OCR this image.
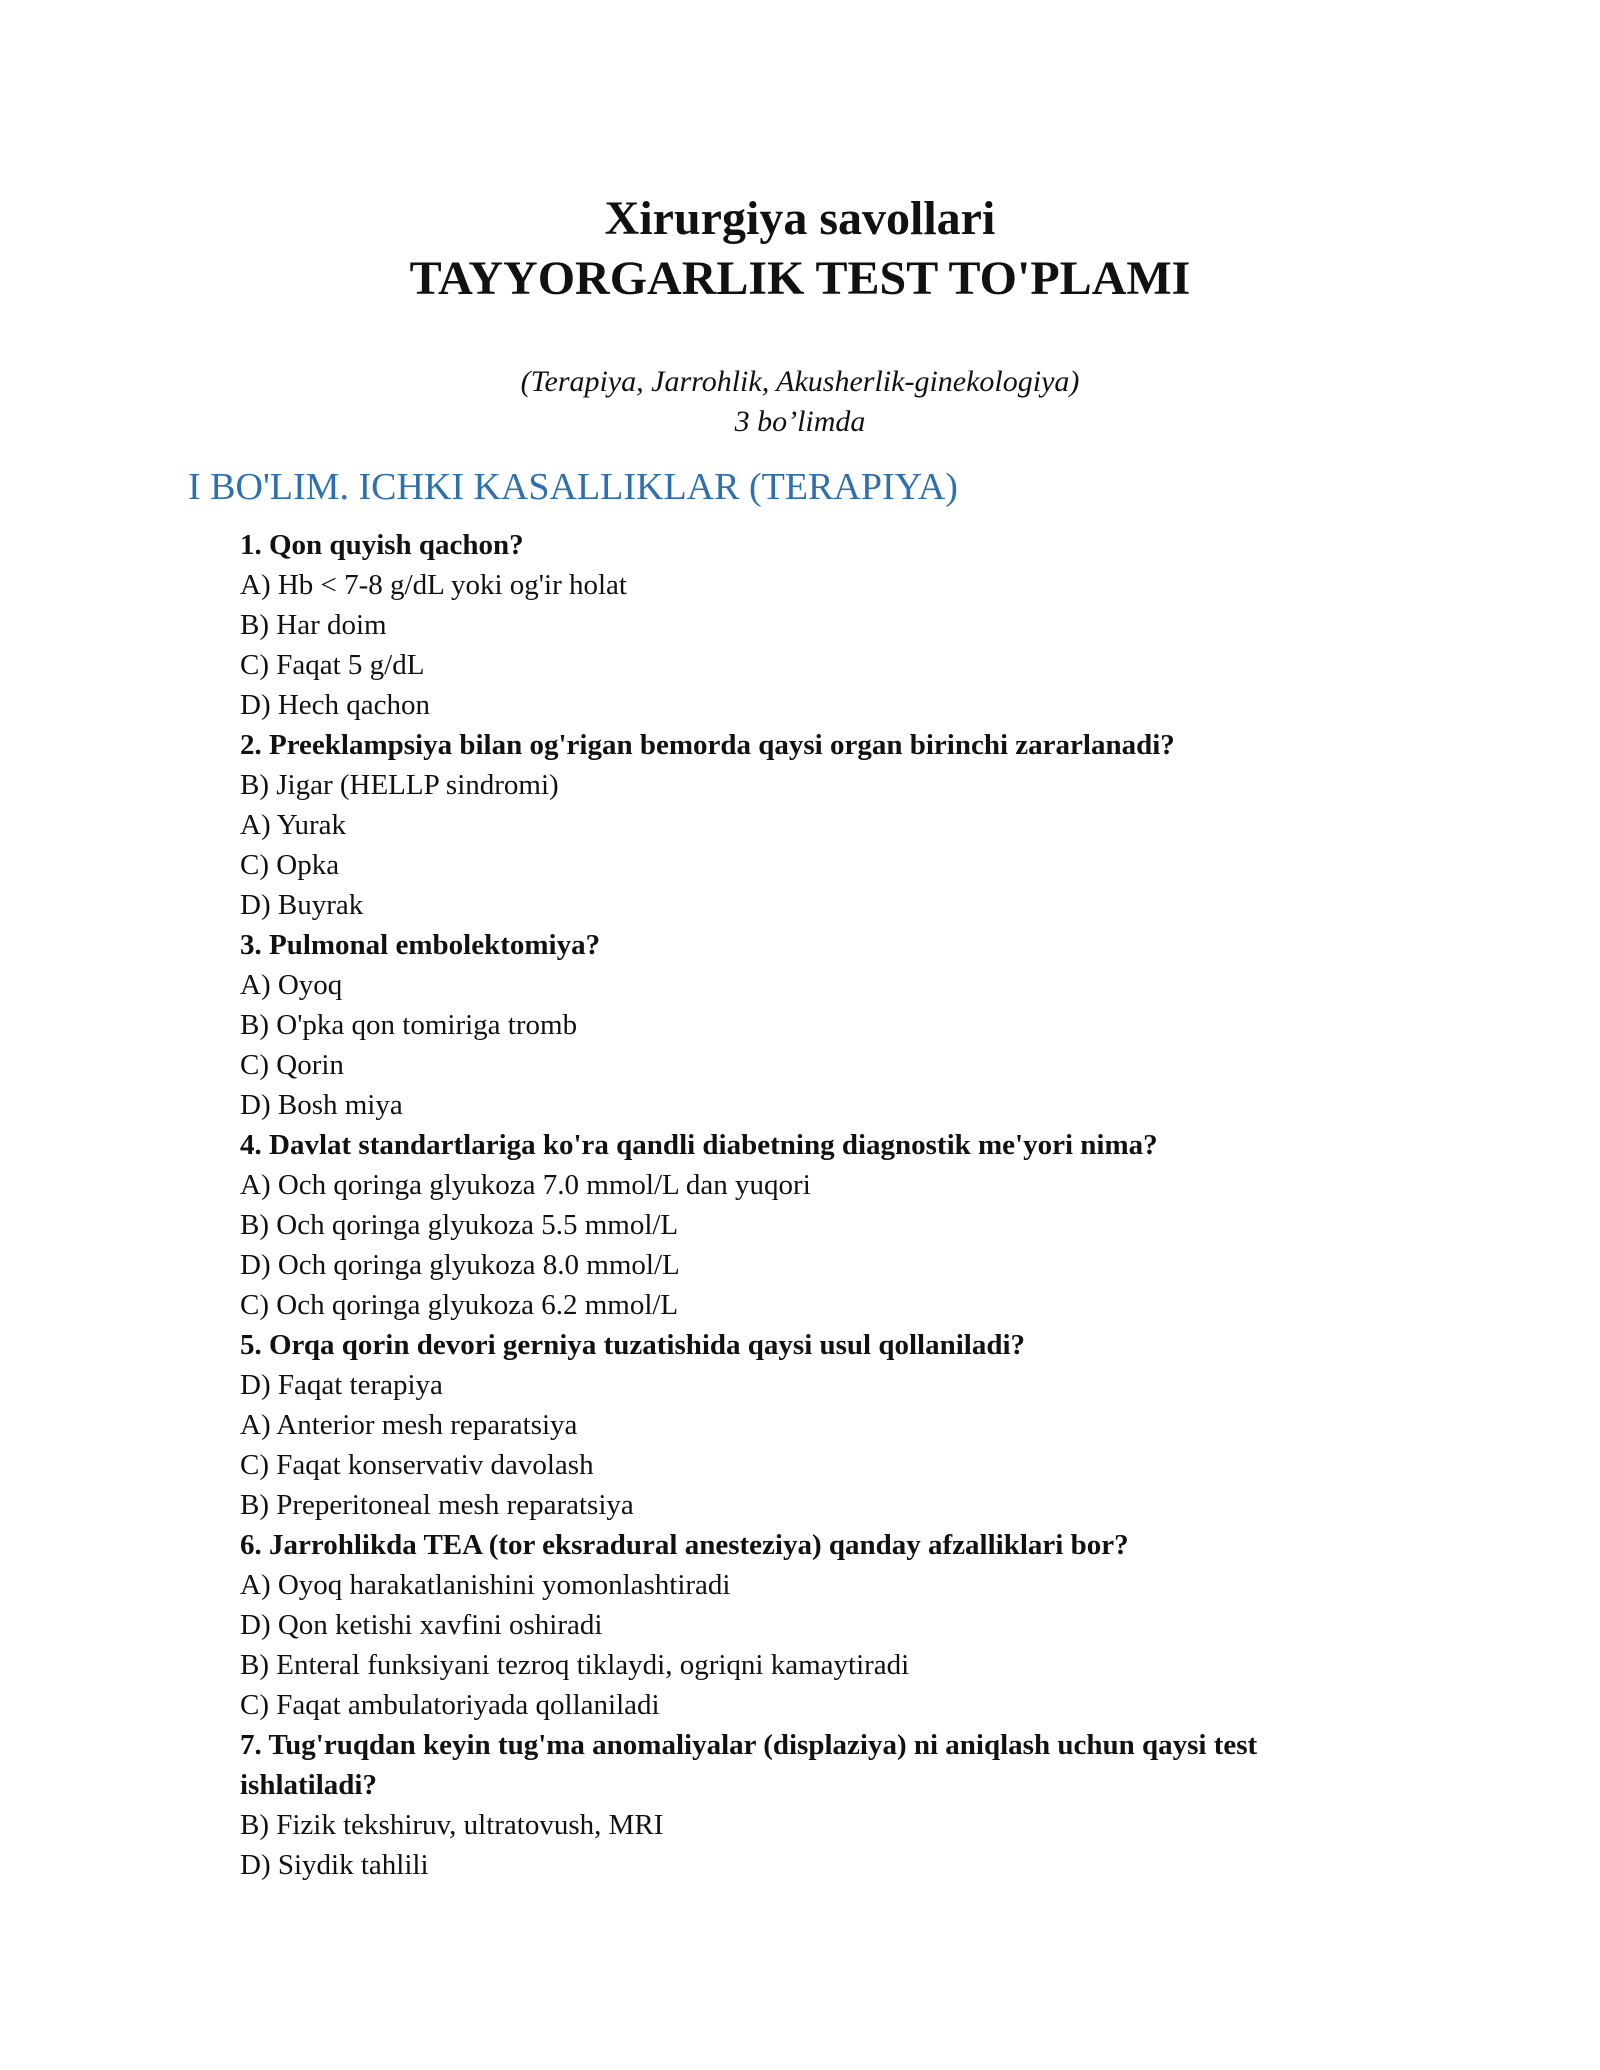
Xirurgiya savollari
TAYYORGARLIK TEST TO'PLAMI
(Terapiya, Jarrohlik, Akusherlik-ginekologiya)
3 bo’limda
I BO'LIM. ICHKI KASALLIKLAR (TERAPIYA)
1. Qon quyish qachon?
A) Hb < 7-8 g/dL yoki og'ir holat
B) Har doim
C) Faqat 5 g/dL
D) Hech qachon
2. Preeklampsiya bilan og'rigan bemorda qaysi organ birinchi zararlanadi?
B) Jigar (HELLP sindromi)
A) Yurak
C) Opka
D) Buyrak
3. Pulmonal embolektomiya?
A) Oyoq
B) O'pka qon tomiriga tromb
C) Qorin
D) Bosh miya
4. Davlat standartlariga ko'ra qandli diabetning diagnostik me'yori nima?
A) Och qoringa glyukoza 7.0 mmol/L dan yuqori
B) Och qoringa glyukoza 5.5 mmol/L
D) Och qoringa glyukoza 8.0 mmol/L
C) Och qoringa glyukoza 6.2 mmol/L
5. Orqa qorin devori gerniya tuzatishida qaysi usul qollaniladi?
D) Faqat terapiya
A) Anterior mesh reparatsiya
C) Faqat konservativ davolash
B) Preperitoneal mesh reparatsiya
6. Jarrohlikda TEA (tor eksradural anesteziya) qanday afzalliklari bor?
A) Oyoq harakatlanishini yomonlashtiradi
D) Qon ketishi xavfini oshiradi
B) Enteral funksiyani tezroq tiklaydi, ogriqni kamaytiradi
C) Faqat ambulatoriyada qollaniladi
7. Tug'ruqdan keyin tug'ma anomaliyalar (displaziya) ni aniqlash uchun qaysi test ishlatiladi?
B) Fizik tekshiruv, ultratovush, MRI
D) Siydik tahlili
